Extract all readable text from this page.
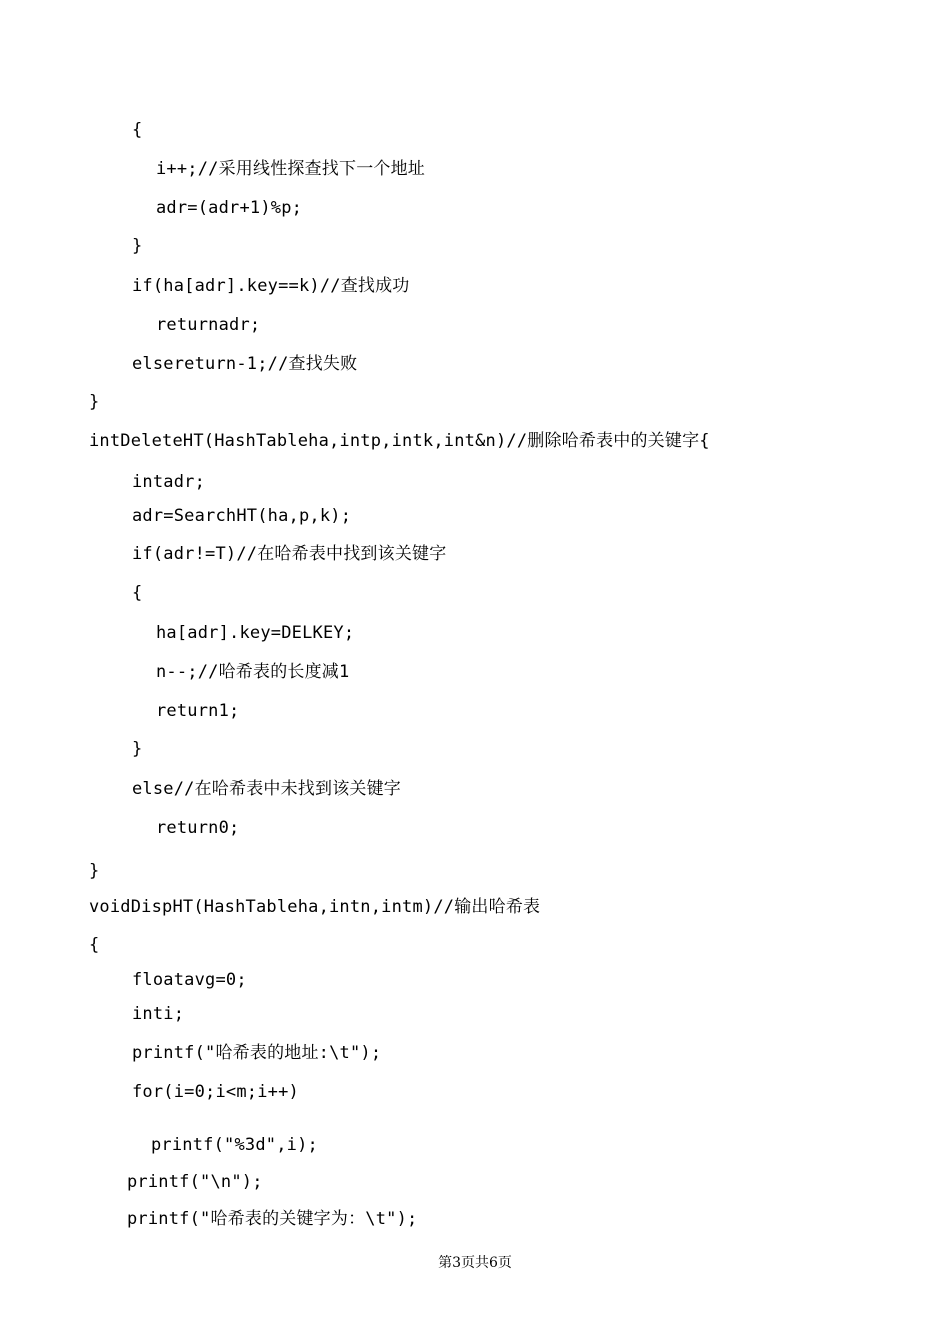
{
i++;//采用线性探查找下一个地址
adr=(adr+1)%p;
}
if(ha[adr].key==k)//查找成功
returnadr;
elsereturn-1;//查找失败
}
intDeleteHT(HashTableha,intp,intk,int&n)//删除哈希表中的关键字{
intadr;
adr=SearchHT(ha,p,k);
if(adr!=T)//在哈希表中找到该关键字
{
ha[adr].key=DELKEY;
n--;//哈希表的长度减1
return1;
}
else//在哈希表中未找到该关键字
return0;
}
voidDispHT(HashTableha,intn,intm)//输出哈希表
{
floatavg=0;
inti;
printf("哈希表的地址:\t");
for(i=0;i<m;i++)
printf("%3d",i);
printf("\n");
printf("哈希表的关键字为：\t");
第3页共6页
